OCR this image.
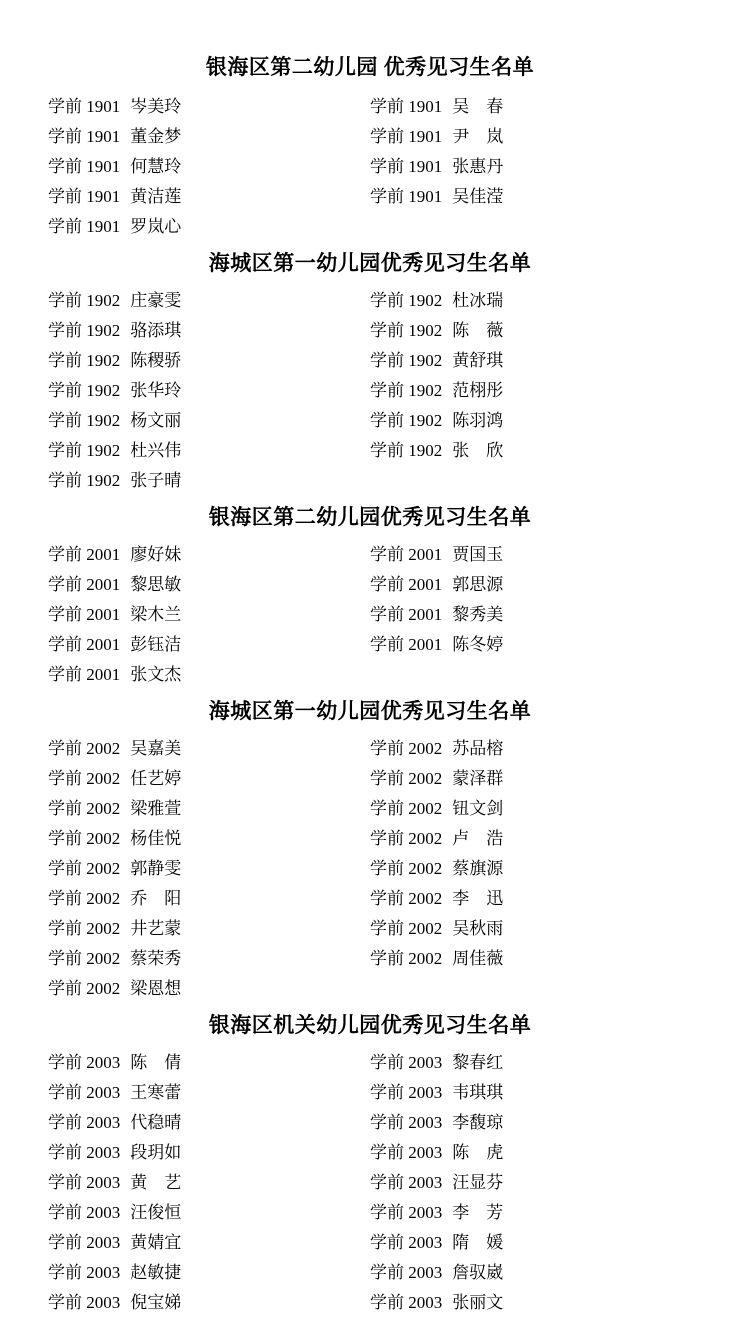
银海区第二幼儿园 优秀见习生名单
学前 1901 岑美玲	学前 1901 吴　春
学前 1901 董金梦	学前 1901 尹　岚
学前 1901 何慧玲	学前 1901 张惠丹
学前 1901 黄洁莲	学前 1901 吴佳滢
学前 1901 罗岚心	
海城区第一幼儿园优秀见习生名单
学前 1902 庄豪雯	学前 1902 杜冰瑞
学前 1902 骆添琪	学前 1902 陈　薇
学前 1902 陈稷骄	学前 1902 黄舒琪
学前 1902 张华玲	学前 1902 范栩彤
学前 1902 杨文丽	学前 1902 陈羽鸿
学前 1902 杜兴伟	学前 1902 张　欣
学前 1902 张子晴	
银海区第二幼儿园优秀见习生名单
学前 2001 廖好妹	学前 2001 贾国玉
学前 2001 黎思敏	学前 2001 郭思源
学前 2001 梁木兰	学前 2001 黎秀美
学前 2001 彭钰洁	学前 2001 陈冬婷
学前 2001 张文杰	
海城区第一幼儿园优秀见习生名单
学前 2002 吴嘉美	学前 2002 苏品榕
学前 2002 任艺婷	学前 2002 蒙泽群
学前 2002 梁雅萱	学前 2002 钮文剑
学前 2002 杨佳悦	学前 2002 卢　浩
学前 2002 郭静雯	学前 2002 蔡旗源
学前 2002 乔　阳	学前 2002 李　迅
学前 2002 井艺蒙	学前 2002 吴秋雨
学前 2002 蔡荣秀	学前 2002 周佳薇
学前 2002 梁恩想	
银海区机关幼儿园优秀见习生名单
学前 2003 陈　倩	学前 2003 黎春红
学前 2003 王寒蕾	学前 2003 韦琪琪
学前 2003 代稳晴	学前 2003 李馥琼
学前 2003 段玥如	学前 2003 陈　虎
学前 2003 黄　艺	学前 2003 汪显芬
学前 2003 汪俊恒	学前 2003 李　芳
学前 2003 黄婧宜	学前 2003 隋　媛
学前 2003 赵敏捷	学前 2003 詹驭崴
学前 2003 倪宝娣	学前 2003 张丽文
